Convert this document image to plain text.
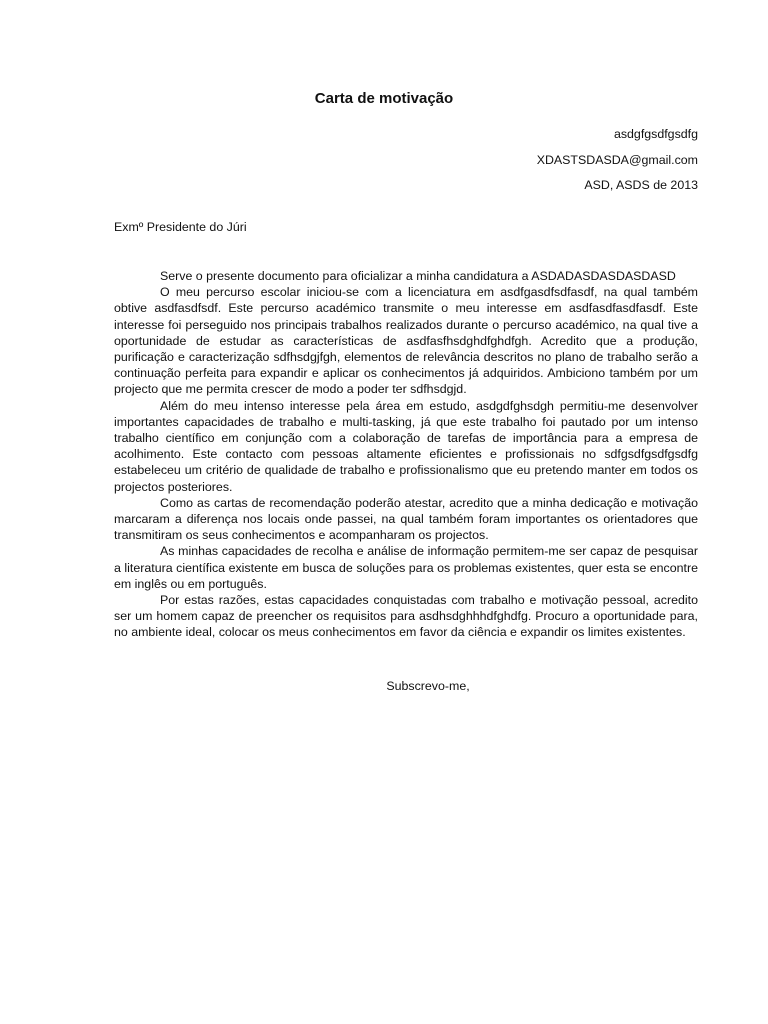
Carta de motivação
asdgfgsdfgsdfg
XDASTSDASDA@gmail.com
ASD, ASDS de 2013
Exmº Presidente do Júri

Serve o presente documento para oficializar a minha candidatura a ASDADASDASDASDASD

O meu percurso escolar iniciou-se com a licenciatura em asdfgasdfsdfasdf, na qual também obtive asdfasdfsdf. Este percurso académico transmite o meu interesse em asdfasdfasdfasdf. Este interesse foi perseguido nos principais trabalhos realizados durante o percurso académico, na qual tive a oportunidade de estudar as características de asdfasfhsdghdfghdfgh. Acredito que a produção, purificação e caracterização sdfhsdgjfgh, elementos de relevância descritos no plano de trabalho serão a continuação perfeita para expandir e aplicar os conhecimentos já adquiridos. Ambiciono também por um projecto que me permita crescer de modo a poder ter sdfhsdgjd.

Além do meu intenso interesse pela área em estudo, asdgdfghsdgh permitiu-me desenvolver importantes capacidades de trabalho e multi-tasking, já que este trabalho foi pautado por um intenso trabalho científico em conjunção com a colaboração de tarefas de importância para a empresa de acolhimento. Este contacto com pessoas altamente eficientes e profissionais no sdfgsdfgsdfgsdfg estabeleceu um critério de qualidade de trabalho e profissionalismo que eu pretendo manter em todos os projectos posteriores.

Como as cartas de recomendação poderão atestar, acredito que a minha dedicação e motivação marcaram a diferença nos locais onde passei, na qual também foram importantes os orientadores que transmitiram os seus conhecimentos e acompanharam os projectos.

As minhas capacidades de recolha e análise de informação permitem-me ser capaz de pesquisar a literatura científica existente em busca de soluções para os problemas existentes, quer esta se encontre em inglês ou em português.

Por estas razões, estas capacidades conquistadas com trabalho e motivação pessoal, acredito ser um homem capaz de preencher os requisitos para asdhsdghhhdfghdfg. Procuro a oportunidade para, no ambiente ideal, colocar os meus conhecimentos em favor da ciência e expandir os limites existentes.

Subscrevo-me,
